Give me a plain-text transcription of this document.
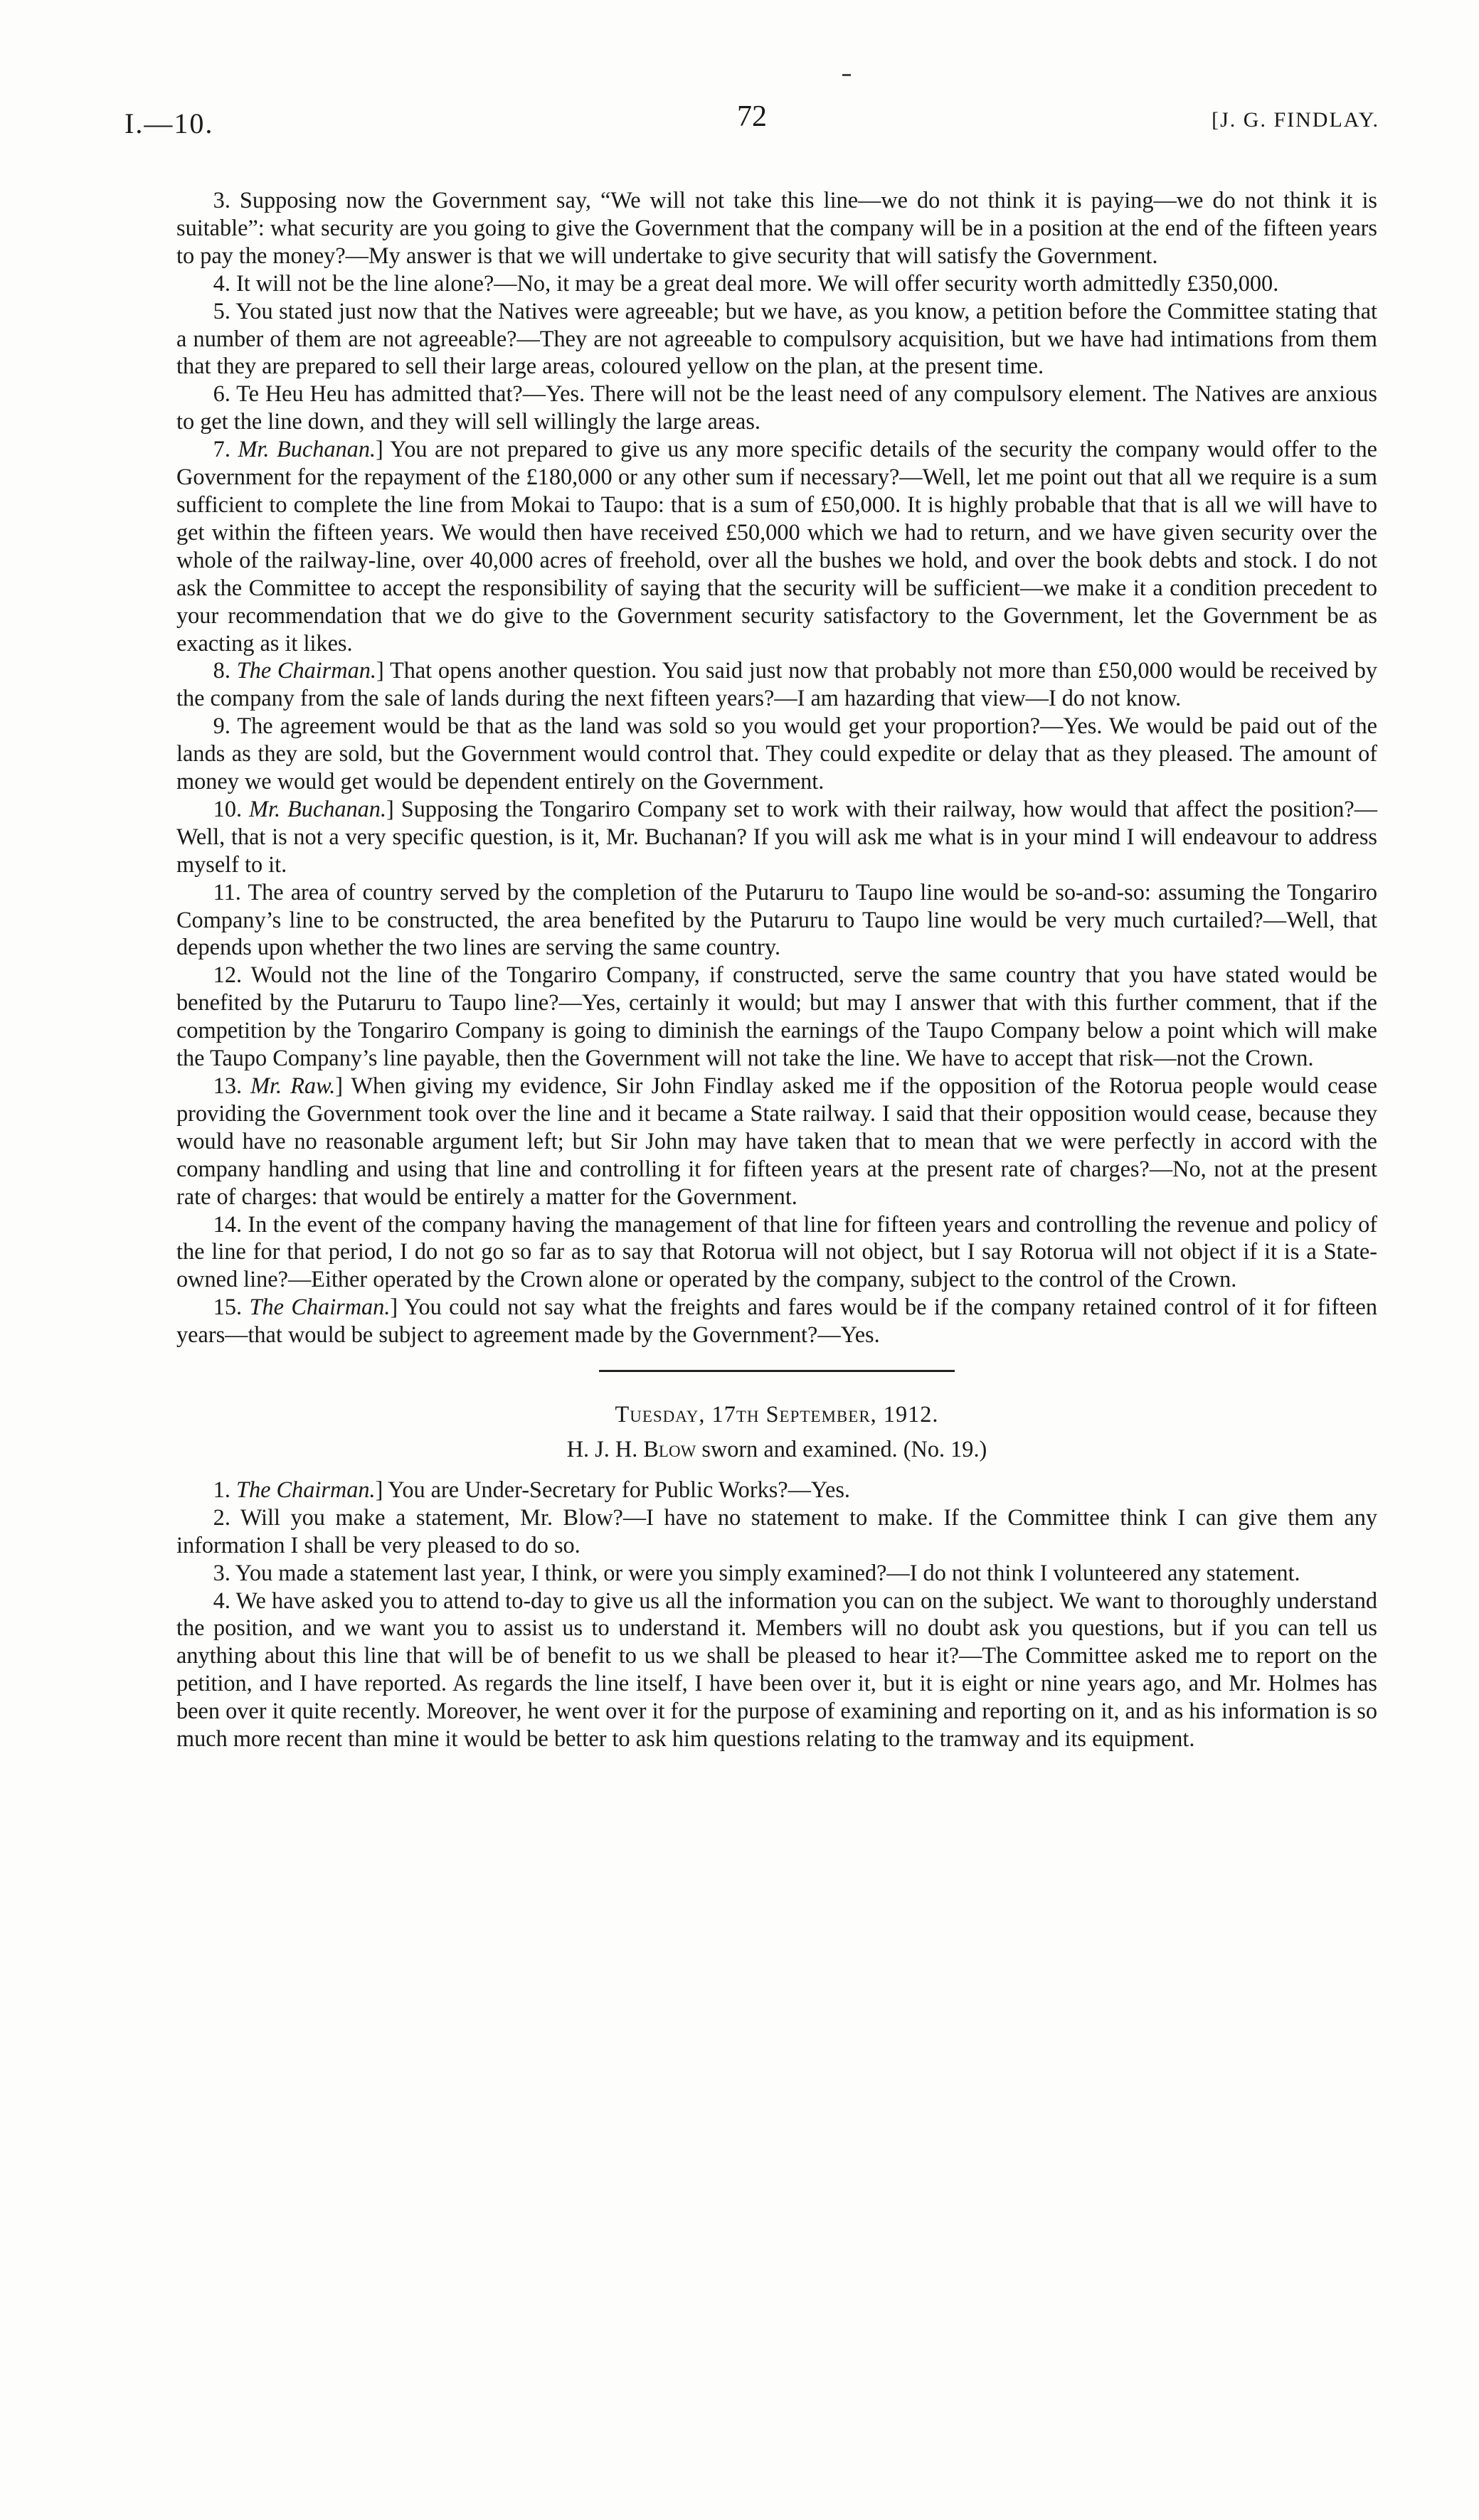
I.—10.	72	[J. G. FINDLAY.

3. Supposing now the Government say, “We will not take this line—we do not think it is paying—we do not think it is suitable”: what security are you going to give the Government that the company will be in a position at the end of the fifteen years to pay the money?—My answer is that we will undertake to give security that will satisfy the Government.

4. It will not be the line alone?—No, it may be a great deal more. We will offer security worth admittedly £350,000.

5. You stated just now that the Natives were agreeable; but we have, as you know, a petition before the Committee stating that a number of them are not agreeable?—They are not agreeable to compulsory acquisition, but we have had intimations from them that they are prepared to sell their large areas, coloured yellow on the plan, at the present time.

6. Te Heu Heu has admitted that?—Yes. There will not be the least need of any compulsory element. The Natives are anxious to get the line down, and they will sell willingly the large areas.

7. Mr. Buchanan.] You are not prepared to give us any more specific details of the security the company would offer to the Government for the repayment of the £180,000 or any other sum if necessary?—Well, let me point out that all we require is a sum sufficient to complete the line from Mokai to Taupo: that is a sum of £50,000. It is highly probable that that is all we will have to get within the fifteen years. We would then have received £50,000 which we had to return, and we have given security over the whole of the railway-line, over 40,000 acres of freehold, over all the bushes we hold, and over the book debts and stock. I do not ask the Committee to accept the responsibility of saying that the security will be sufficient—we make it a condition precedent to your recommendation that we do give to the Government security satisfactory to the Government, let the Government be as exacting as it likes.

8. The Chairman.] That opens another question. You said just now that probably not more than £50,000 would be received by the company from the sale of lands during the next fifteen years?—I am hazarding that view—I do not know.

9. The agreement would be that as the land was sold so you would get your proportion?—Yes. We would be paid out of the lands as they are sold, but the Government would control that. They could expedite or delay that as they pleased. The amount of money we would get would be dependent entirely on the Government.

10. Mr. Buchanan.] Supposing the Tongariro Company set to work with their railway, how would that affect the position?—Well, that is not a very specific question, is it, Mr. Buchanan? If you will ask me what is in your mind I will endeavour to address myself to it.

11. The area of country served by the completion of the Putaruru to Taupo line would be so-and-so: assuming the Tongariro Company’s line to be constructed, the area benefited by the Putaruru to Taupo line would be very much curtailed?—Well, that depends upon whether the two lines are serving the same country.

12. Would not the line of the Tongariro Company, if constructed, serve the same country that you have stated would be benefited by the Putaruru to Taupo line?—Yes, certainly it would; but may I answer that with this further comment, that if the competition by the Tongariro Company is going to diminish the earnings of the Taupo Company below a point which will make the Taupo Company’s line payable, then the Government will not take the line. We have to accept that risk—not the Crown.

13. Mr. Raw.] When giving my evidence, Sir John Findlay asked me if the opposition of the Rotorua people would cease providing the Government took over the line and it became a State railway. I said that their opposition would cease, because they would have no reasonable argument left; but Sir John may have taken that to mean that we were perfectly in accord with the company handling and using that line and controlling it for fifteen years at the present rate of charges?—No, not at the present rate of charges: that would be entirely a matter for the Government.

14. In the event of the company having the management of that line for fifteen years and controlling the revenue and policy of the line for that period, I do not go so far as to say that Rotorua will not object, but I say Rotorua will not object if it is a State-owned line?—Either operated by the Crown alone or operated by the company, subject to the control of the Crown.

15. The Chairman.] You could not say what the freights and fares would be if the company retained control of it for fifteen years—that would be subject to agreement made by the Government?—Yes.

Tuesday, 17th September, 1912.

H. J. H. Blow sworn and examined. (No. 19.)

1. The Chairman.] You are Under-Secretary for Public Works?—Yes.

2. Will you make a statement, Mr. Blow?—I have no statement to make. If the Committee think I can give them any information I shall be very pleased to do so.

3. You made a statement last year, I think, or were you simply examined?—I do not think I volunteered any statement.

4. We have asked you to attend to-day to give us all the information you can on the subject. We want to thoroughly understand the position, and we want you to assist us to understand it. Members will no doubt ask you questions, but if you can tell us anything about this line that will be of benefit to us we shall be pleased to hear it?—The Committee asked me to report on the petition, and I have reported. As regards the line itself, I have been over it, but it is eight or nine years ago, and Mr. Holmes has been over it quite recently. Moreover, he went over it for the purpose of examining and reporting on it, and as his information is so much more recent than mine it would be better to ask him questions relating to the tramway and its equipment.
